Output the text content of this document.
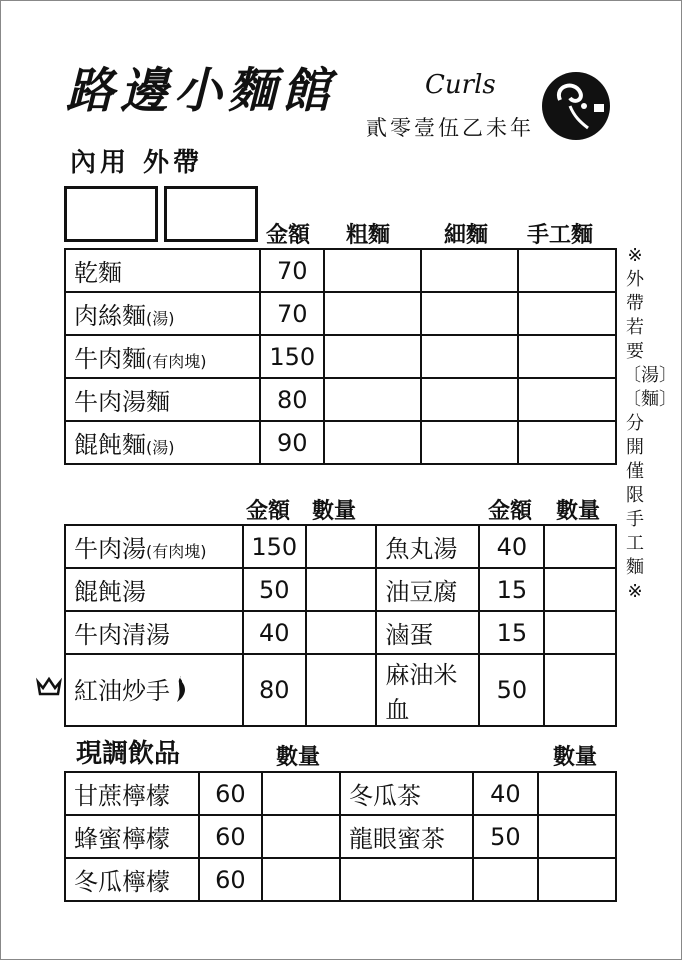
路邊小麵館	Curls
貳零壹伍乙未年
內用 外帶
金額 粗麵 細麵 手工麵
乾麵	70			
肉絲麵(湯)	70			
牛肉麵(有肉塊)	150			
牛肉湯麵	80			
餛飩麵(湯)	90			
※外帶若要〔湯〕〔麵〕分開僅限手工麵※
金額 數量	金額 數量
牛肉湯(有肉塊)	150		魚丸湯	40	
餛飩湯	50		油豆腐	15	
牛肉清湯	40		滷蛋	15	
紅油炒手	80		麻油米血	50	
現調飲品	數量	數量
甘蔗檸檬	60		冬瓜茶	40	
蜂蜜檸檬	60		龍眼蜜茶	50	
冬瓜檸檬	60				
